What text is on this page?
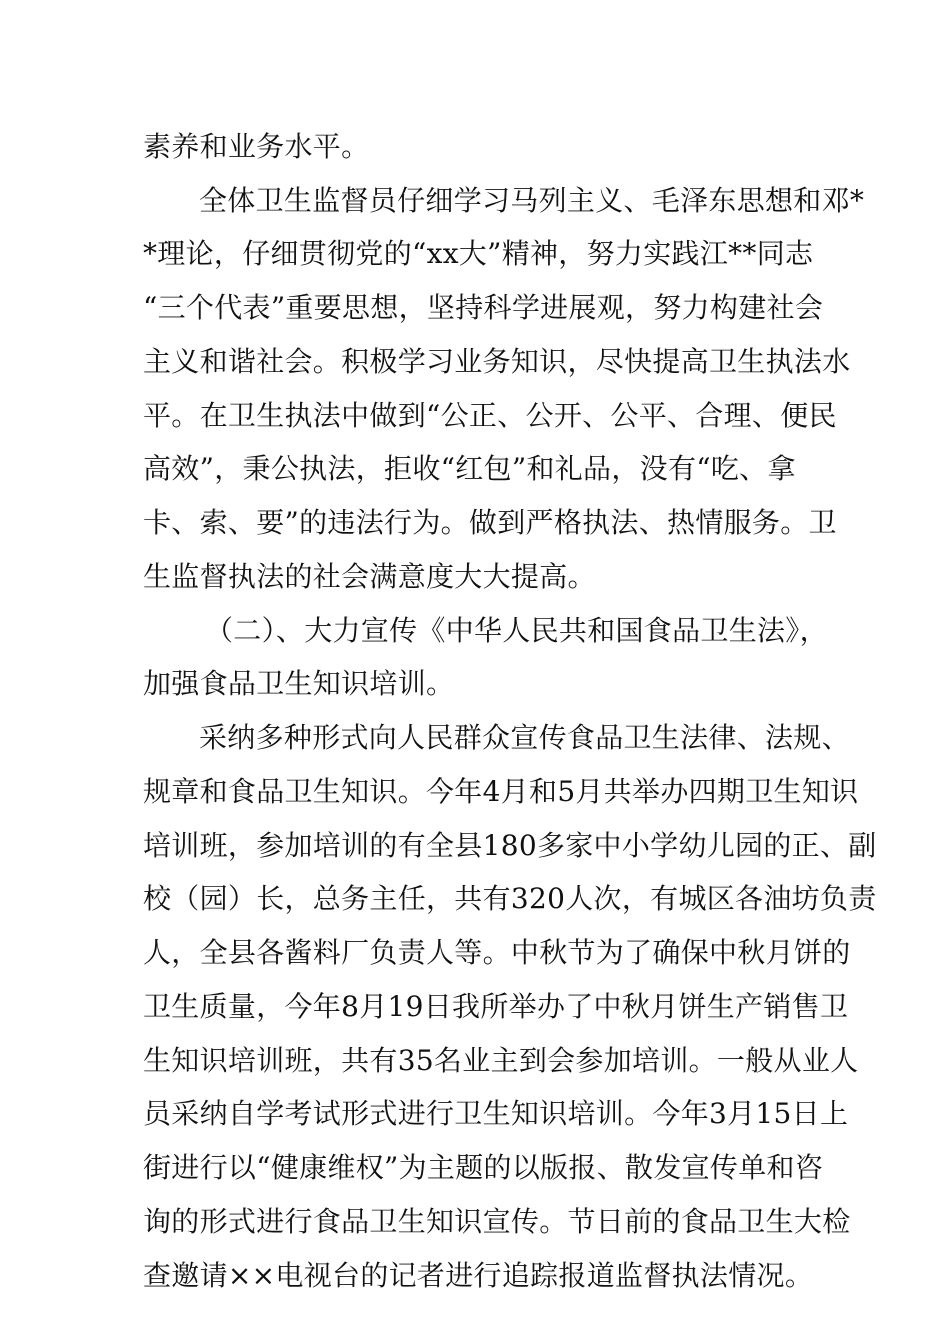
素养和业务水平。
全体卫生监督员仔细学习马列主义、毛泽东思想和邓*
*理论，仔细贯彻党的“xx大”精神，努力实践江**同志
“三个代表”重要思想，坚持科学进展观，努力构建社会
主义和谐社会。积极学习业务知识，尽快提高卫生执法水
平。在卫生执法中做到“公正、公开、公平、合理、便民
高效”，秉公执法，拒收“红包”和礼品，没有“吃、拿
卡、索、要”的违法行为。做到严格执法、热情服务。卫
生监督执法的社会满意度大大提高。
（二）、大力宣传《中华人民共和国食品卫生法》，
加强食品卫生知识培训。
采纳多种形式向人民群众宣传食品卫生法律、法规、
规章和食品卫生知识。今年4月和5月共举办四期卫生知识
培训班，参加培训的有全县180多家中小学幼儿园的正、副
校（园）长，总务主任，共有320人次，有城区各油坊负责
人，全县各酱料厂负责人等。中秋节为了确保中秋月饼的
卫生质量，今年8月19日我所举办了中秋月饼生产销售卫
生知识培训班，共有35名业主到会参加培训。一般从业人
员采纳自学考试形式进行卫生知识培训。今年3月15日上
街进行以“健康维权”为主题的以版报、散发宣传单和咨
询的形式进行食品卫生知识宣传。节日前的食品卫生大检
查邀请××电视台的记者进行追踪报道监督执法情况。
